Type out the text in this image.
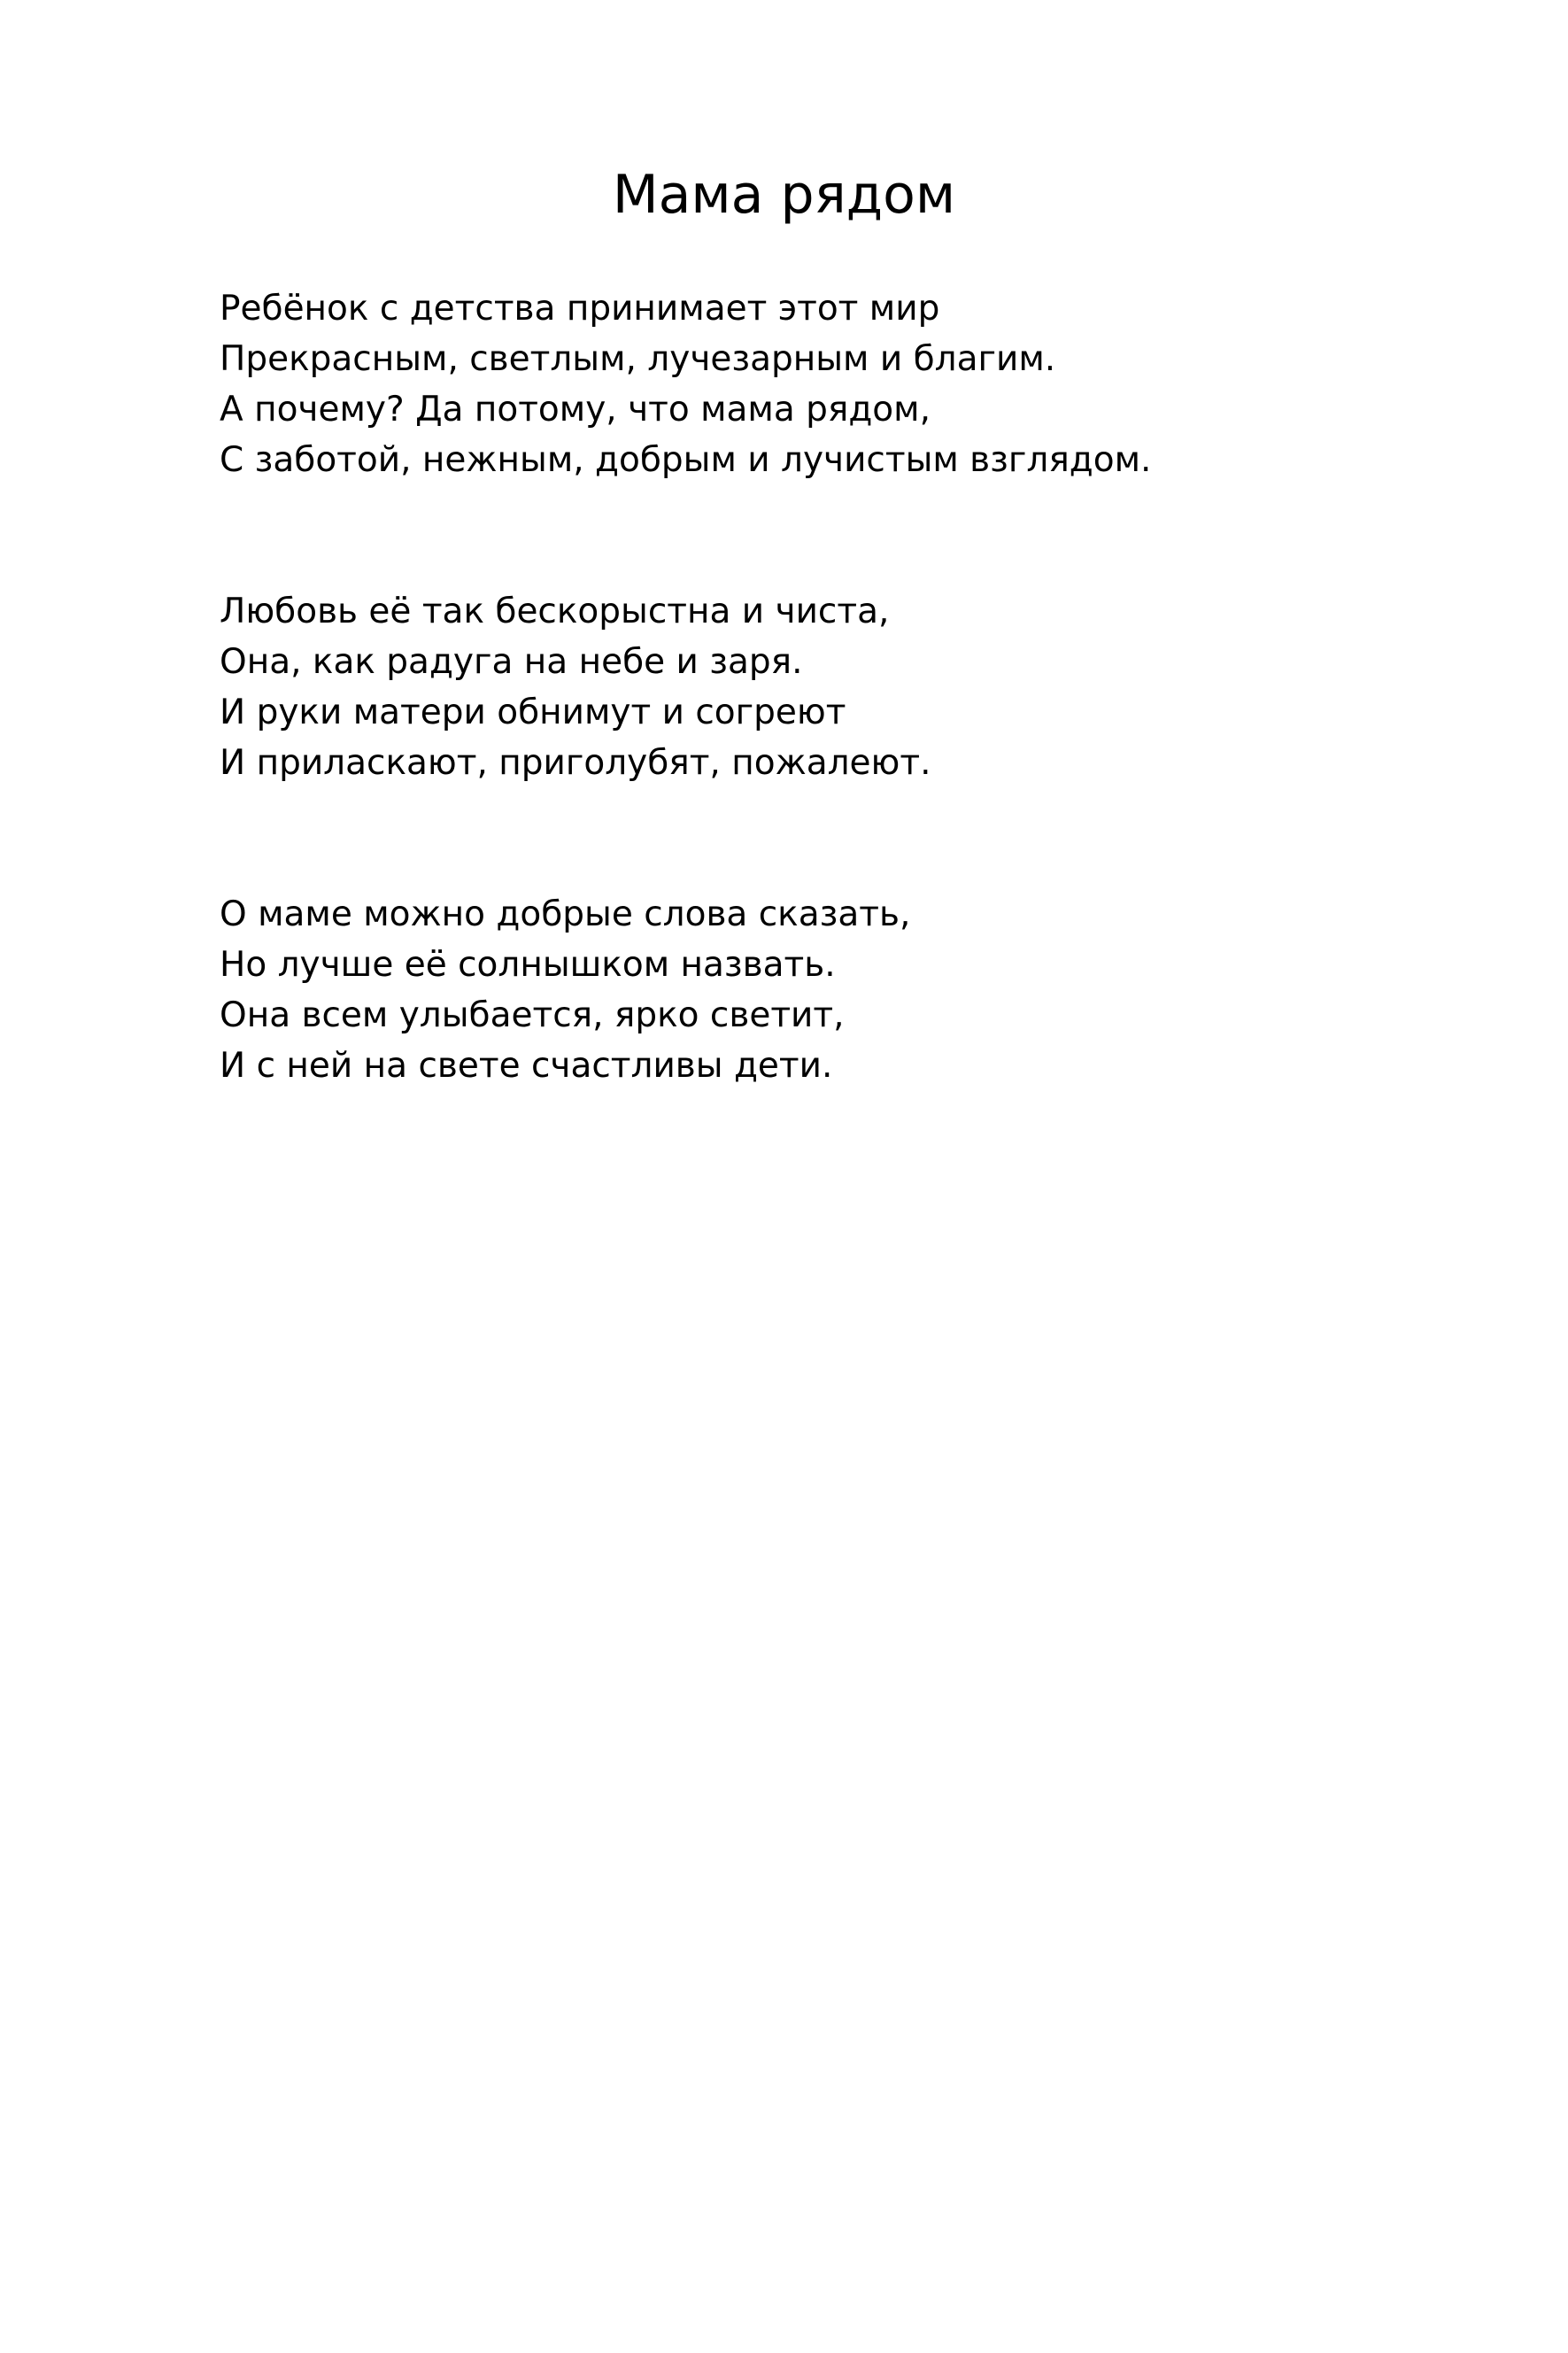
Мама рядом
Ребёнок с детства принимает этот мир
Прекрасным, светлым, лучезарным и благим.
А почему? Да потому, что мама рядом,
С заботой, нежным, добрым и лучистым взглядом.
Любовь её так бескорыстна и чиста,
Она, как радуга на небе и заря.
И руки матери обнимут и согреют
И приласкают, приголубят, пожалеют.
О маме можно добрые слова сказать,
Но лучше её солнышком назвать.
Она всем улыбается, ярко светит,
И с ней на свете счастливы дети.
